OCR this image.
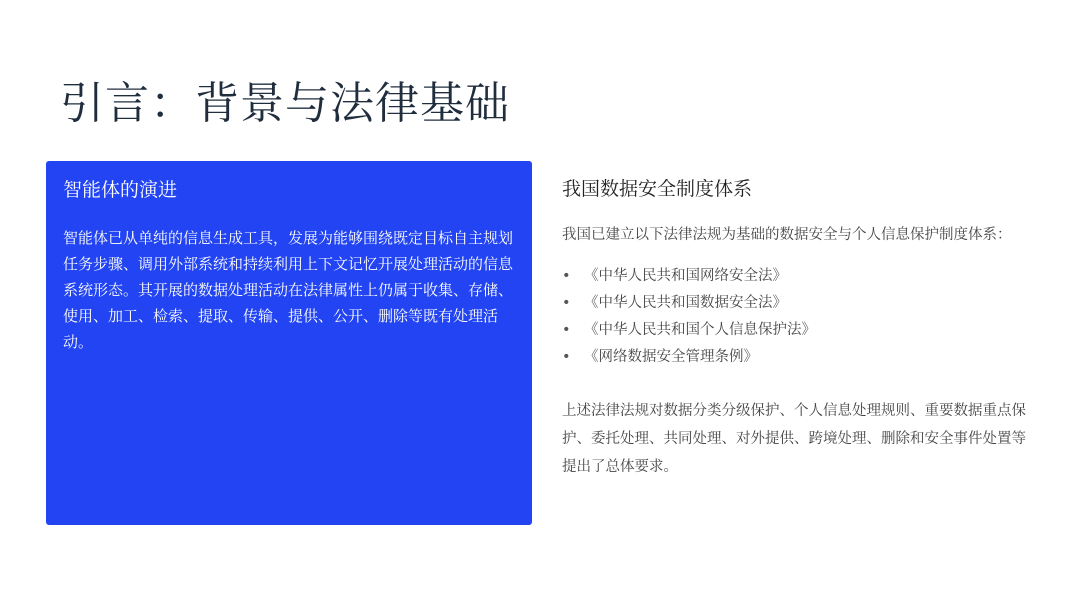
引言：背景与法律基础
智能体的演进

智能体已从单纯的信息生成工具，发展为能够围绕既定目标自主规划任务步骤、调用外部系统和持续利用上下文记忆开展处理活动的信息系统形态。其开展的数据处理活动在法律属性上仍属于收集、存储、使用、加工、检索、提取、传输、提供、公开、删除等既有处理活动。

我国数据安全制度体系

我国已建立以下法律法规为基础的数据安全与个人信息保护制度体系：

• 《中华人民共和国网络安全法》
• 《中华人民共和国数据安全法》
• 《中华人民共和国个人信息保护法》
• 《网络数据安全管理条例》

上述法律法规对数据分类分级保护、个人信息处理规则、重要数据重点保护、委托处理、共同处理、对外提供、跨境处理、删除和安全事件处置等提出了总体要求。
